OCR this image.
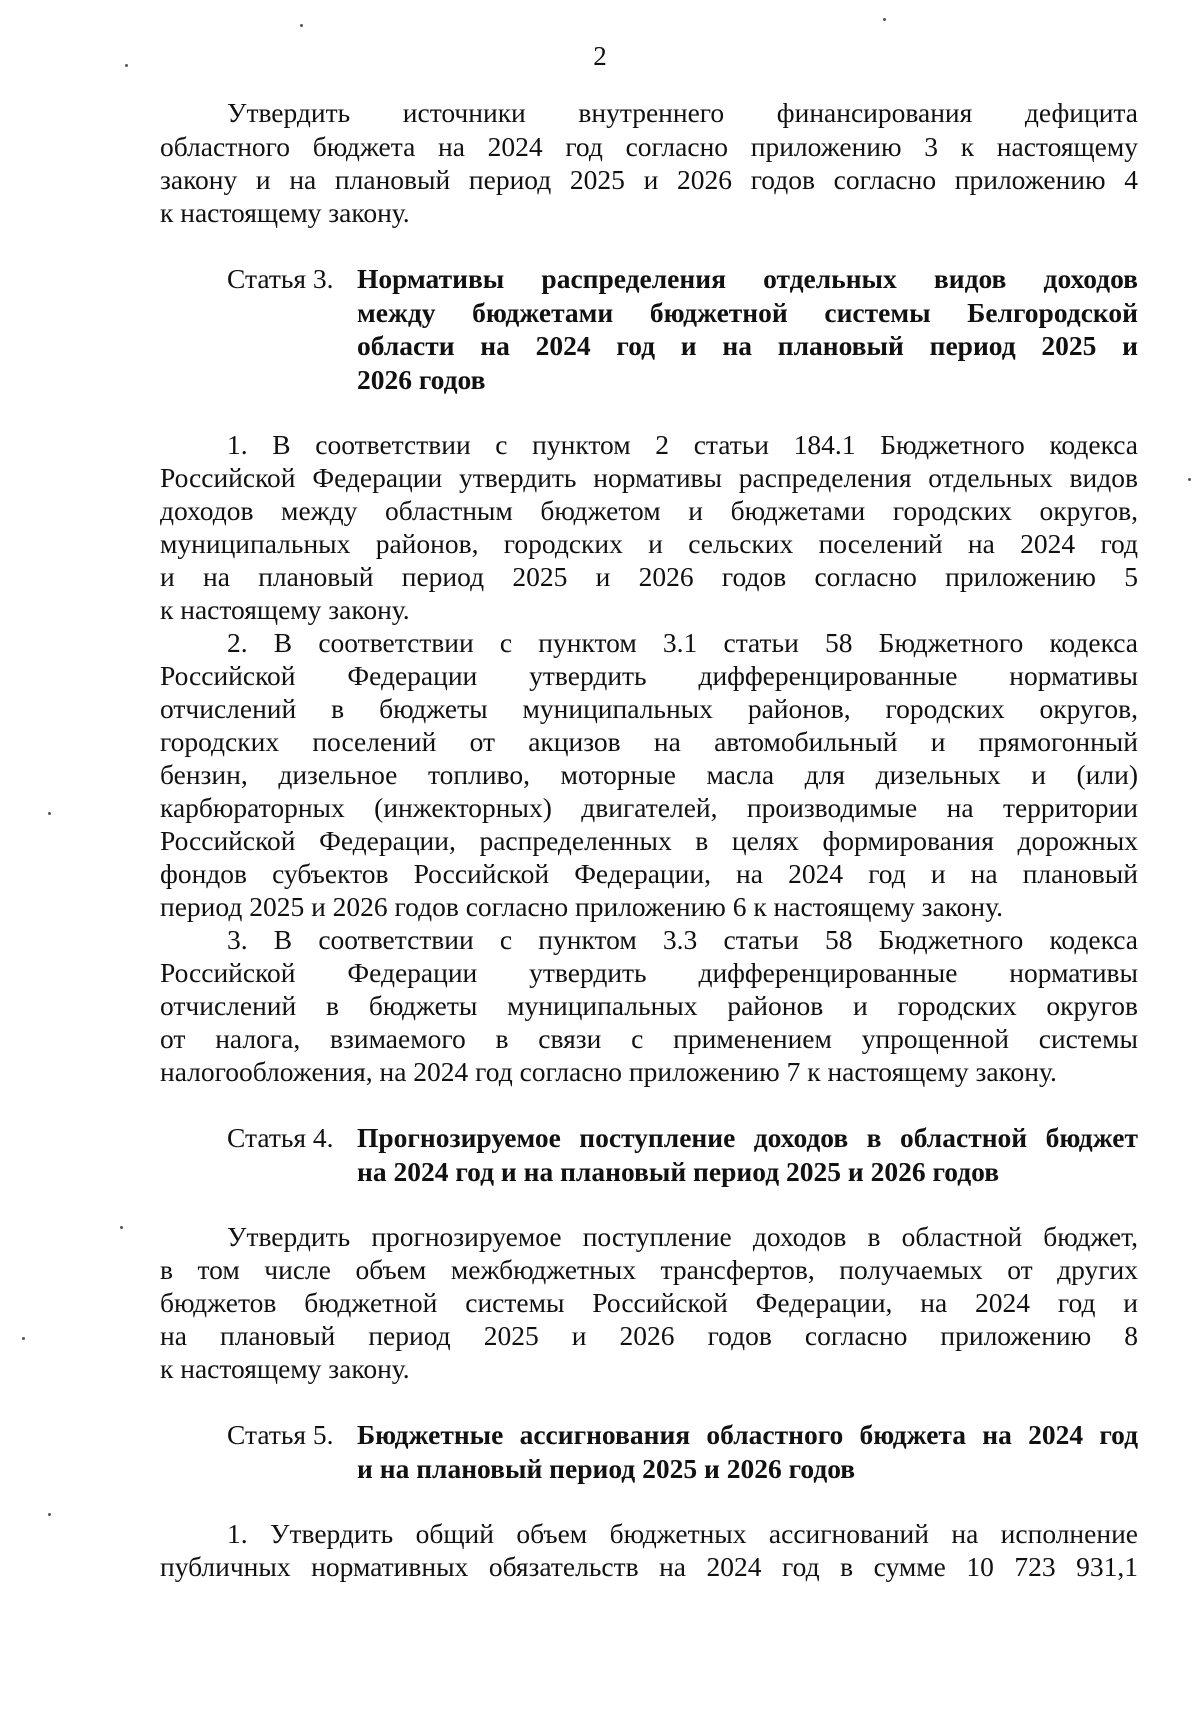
2
Утвердить источники внутреннего финансирования дефицита
областного бюджета на 2024 год согласно приложению 3 к настоящему
закону и на плановый период 2025 и 2026 годов согласно приложению 4
к настоящему закону.
Статья 3. Нормативы распределения отдельных видов доходов
между бюджетами бюджетной системы Белгородской
области на 2024 год и на плановый период 2025 и
2026 годов
1. В соответствии с пунктом 2 статьи 184.1 Бюджетного кодекса
Российской Федерации утвердить нормативы распределения отдельных видов
доходов между областным бюджетом и бюджетами городских округов,
муниципальных районов, городских и сельских поселений на 2024 год
и на плановый период 2025 и 2026 годов согласно приложению 5
к настоящему закону.
2. В соответствии с пунктом 3.1 статьи 58 Бюджетного кодекса
Российской Федерации утвердить дифференцированные нормативы
отчислений в бюджеты муниципальных районов, городских округов,
городских поселений от акцизов на автомобильный и прямогонный
бензин, дизельное топливо, моторные масла для дизельных и (или)
карбюраторных (инжекторных) двигателей, производимые на территории
Российской Федерации, распределенных в целях формирования дорожных
фондов субъектов Российской Федерации, на 2024 год и на плановый
период 2025 и 2026 годов согласно приложению 6 к настоящему закону.
3. В соответствии с пунктом 3.3 статьи 58 Бюджетного кодекса
Российской Федерации утвердить дифференцированные нормативы
отчислений в бюджеты муниципальных районов и городских округов
от налога, взимаемого в связи с применением упрощенной системы
налогообложения, на 2024 год согласно приложению 7 к настоящему закону.
Статья 4. Прогнозируемое поступление доходов в областной бюджет
на 2024 год и на плановый период 2025 и 2026 годов
Утвердить прогнозируемое поступление доходов в областной бюджет,
в том числе объем межбюджетных трансфертов, получаемых от других
бюджетов бюджетной системы Российской Федерации, на 2024 год и
на плановый период 2025 и 2026 годов согласно приложению 8
к настоящему закону.
Статья 5. Бюджетные ассигнования областного бюджета на 2024 год
и на плановый период 2025 и 2026 годов
1. Утвердить общий объем бюджетных ассигнований на исполнение
публичных нормативных обязательств на 2024 год в сумме 10 723 931,1
